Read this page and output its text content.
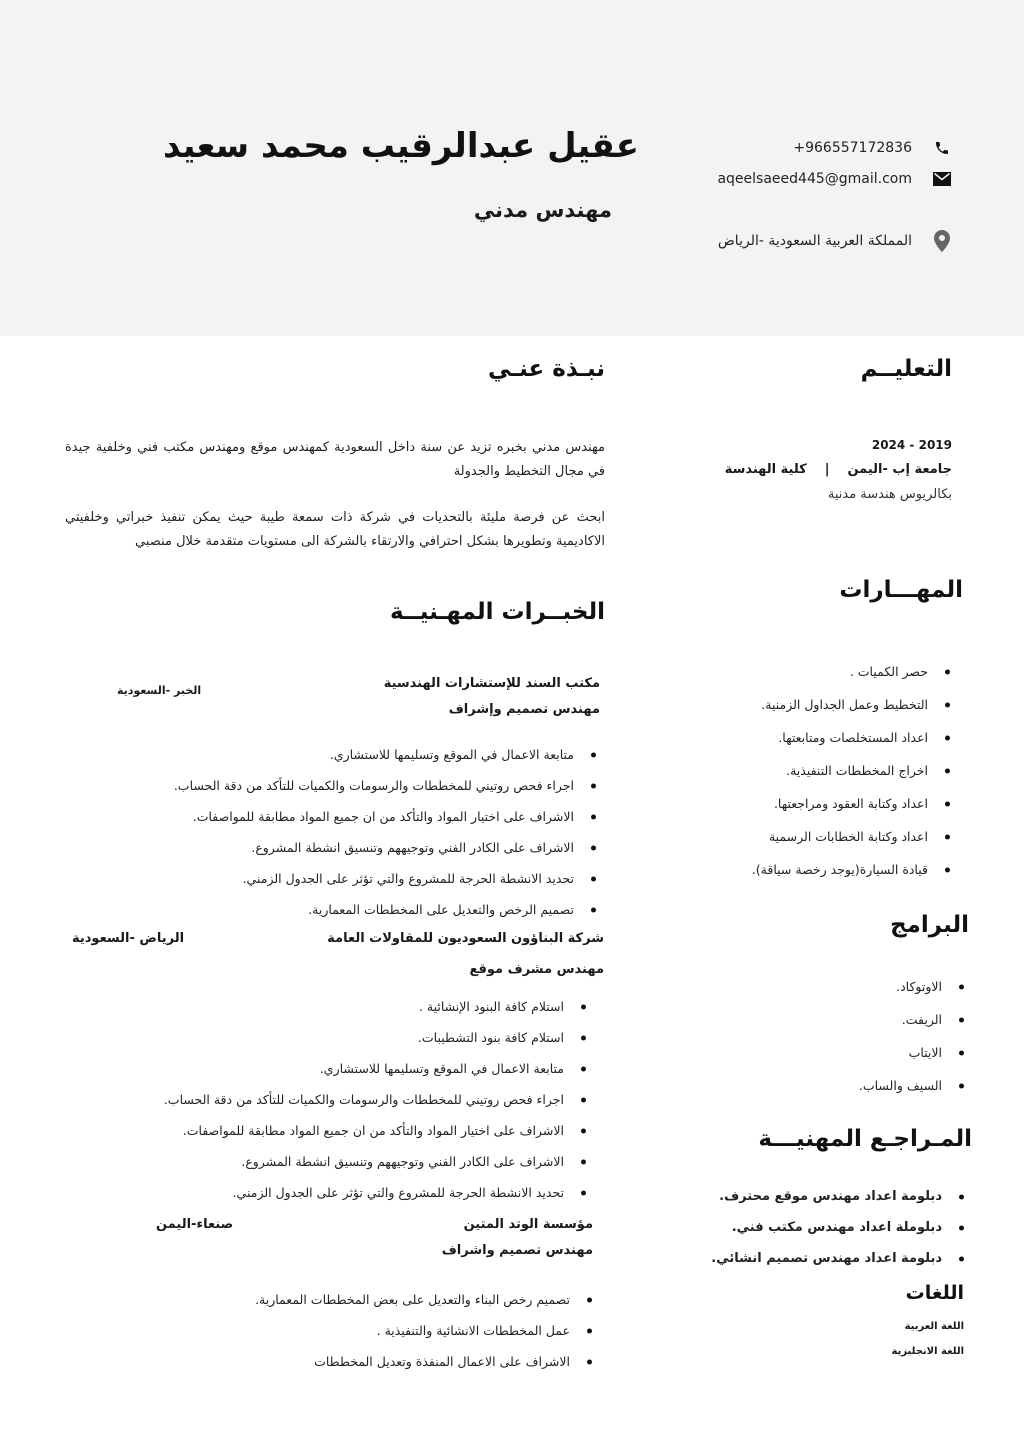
عقيل عبدالرقيب محمد سعيد
مهندس مدني
+966557172836
aqeelsaeed445@gmail.com
المملكة العربية السعودية -الرياض
نبـذة عنـي

مهندس مدني بخبره تزيد عن سنة داخل السعودية كمهندس موقع ومهندس مكتب فني وخلفية جيدة في مجال التخطيط والجدولة

ابحث عن فرصة مليئة بالتحديات في شركة ذات سمعة طيبة حيث يمكن تنفيذ خبراتي وخلفيتي الاكاديمية وتطويرها بشكل احترافي والارتقاء بالشركة الى مستويات متقدمة خلال منصبي

التعليــم
2024 - 2019
جامعة إب -اليمن
|
كلية الهندسة
بكالريوس هندسة مدنية
المهـــارات
حصر الكميات .
التخطيط وعمل الجداول الزمنية.
اعداد المستخلصات ومتابعتها.
اخراج المخططات التنفيذية.
اعداد وكتابة العقود ومراجعتها.
اعداد وكتابة الخطابات الرسمية
قيادة السيارة(يوجد رخصة سياقة).
البرامج
الاوتوكاد.
الريفت.
الايتاب
السيف والساب.
المـراجـع المهنيـــة
دبلومة اعداد مهندس موقع محترف.
دبلوملة اعداد مهندس مكتب فني.
دبلومة اعداد مهندس تصميم انشائي.
اللغات
اللغة العربية
اللغة الانجليزية
الخبــرات المهـنيــة
مكتب السند للإستشارات الهندسية
الخبر -السعودية
مهندس تصميم وإشراف
متابعة الاعمال في الموقع وتسليمها للاستشاري.
اجراء فحص روتيني للمخططات والرسومات والكميات للتأكد من دقة الحساب.
الاشراف على اختيار المواد والتأكد من ان جميع المواد مطابقة للمواصفات.
الاشراف على الكادر الفني وتوجيههم وتنسيق انشطة المشروع.
تحديد الانشطة الحرجة للمشروع والتي تؤثر على الجدول الزمني.
تصميم الرخص والتعديل على المخططات المعمارية.
شركة البناؤون السعوديون للمقاولات العامة
الرياض -السعودية
مهندس مشرف موقع
استلام كافة البنود الإنشائية .
استلام كافة بنود التشطيبات.
متابعة الاعمال في الموقع وتسليمها للاستشاري.
اجراء فحص روتيني للمخططات والرسومات والكميات للتأكد من دقة الحساب.
الاشراف على اختيار المواد والتأكد من ان جميع المواد مطابقة للمواصفات.
الاشراف على الكادر الفني وتوجيههم وتنسيق انشطة المشروع.
تحديد الانشطة الحرجة للمشروع والتي تؤثر على الجدول الزمني.
مؤسسة الوتد المتين
صنعاء-اليمن
مهندس تصميم واشراف
تصميم رخص البناء والتعديل على بعض المخططات المعمارية.
عمل المخططات الانشائية والتنفيذية .
الاشراف على الاعمال المنفذة وتعديل المخططات
